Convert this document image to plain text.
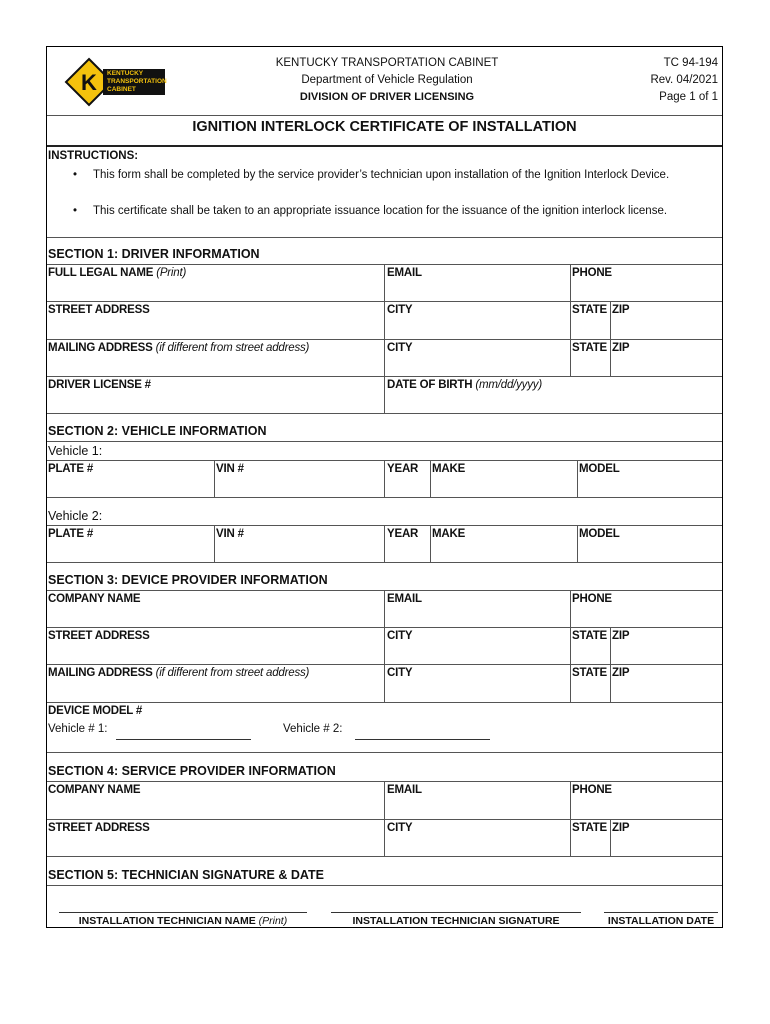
K KENTUCKY
TRANSPORTATION
CABINET
KENTUCKY TRANSPORTATION CABINET
Department of Vehicle Regulation
DIVISION OF DRIVER LICENSING
TC 94-194
Rev. 04/2021
Page 1 of 1
IGNITION INTERLOCK CERTIFICATE OF INSTALLATION
INSTRUCTIONS:
• This form shall be completed by the service provider’s technician upon installation of the Ignition Interlock Device.
• This certificate shall be taken to an appropriate issuance location for the issuance of the ignition interlock license.
SECTION 1: DRIVER INFORMATION
FULL LEGAL NAME (Print)	EMAIL	PHONE
STREET ADDRESS	CITY	STATE ZIP
MAILING ADDRESS (if different from street address)	CITY	STATE ZIP
DRIVER LICENSE #	DATE OF BIRTH (mm/dd/yyyy)
SECTION 2: VEHICLE INFORMATION
Vehicle 1:
PLATE #	VIN #	YEAR MAKE	MODEL
Vehicle 2:
PLATE #	VIN #	YEAR MAKE	MODEL
SECTION 3: DEVICE PROVIDER INFORMATION
COMPANY NAME	EMAIL	PHONE
STREET ADDRESS	CITY	STATE ZIP
MAILING ADDRESS (if different from street address)	CITY	STATE ZIP
DEVICE MODEL #
Vehicle # 1:	Vehicle # 2:
SECTION 4: SERVICE PROVIDER INFORMATION
COMPANY NAME	EMAIL	PHONE
STREET ADDRESS	CITY	STATE ZIP
SECTION 5: TECHNICIAN SIGNATURE & DATE
INSTALLATION TECHNICIAN NAME (Print)	INSTALLATION TECHNICIAN SIGNATURE	INSTALLATION DATE
